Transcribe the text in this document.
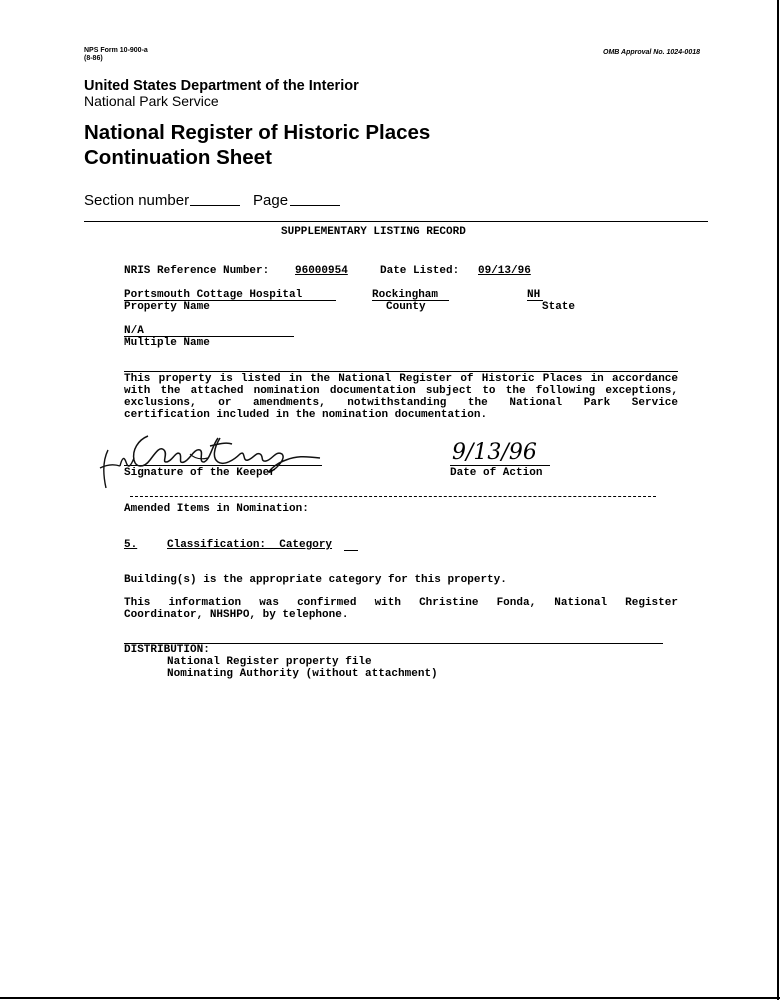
NPS Form 10-900-a
(8-86)
OMB Approval No. 1024-0018
United States Department of the Interior
National Park Service
National Register of Historic Places
Continuation Sheet
Section number	Page
SUPPLEMENTARY LISTING RECORD
NRIS Reference Number: 96000954	Date Listed: 09/13/96
Portsmouth Cottage Hospital	Rockingham	NH
Property Name	County	State
N/A
Multiple Name
This property is listed in the National Register of Historic Places in accordance
with the attached nomination documentation subject to the following exceptions,
exclusions, or amendments, notwithstanding the National Park Service
certification included in the nomination documentation.
Signature of the Keeper
9/13/96
Date of Action
Amended Items in Nomination:
5.	Classification:  Category
Building(s) is the appropriate category for this property.
This information was confirmed with Christine Fonda, National Register
Coordinator, NHSHPO, by telephone.
DISTRIBUTION:
National Register property file
Nominating Authority (without attachment)
